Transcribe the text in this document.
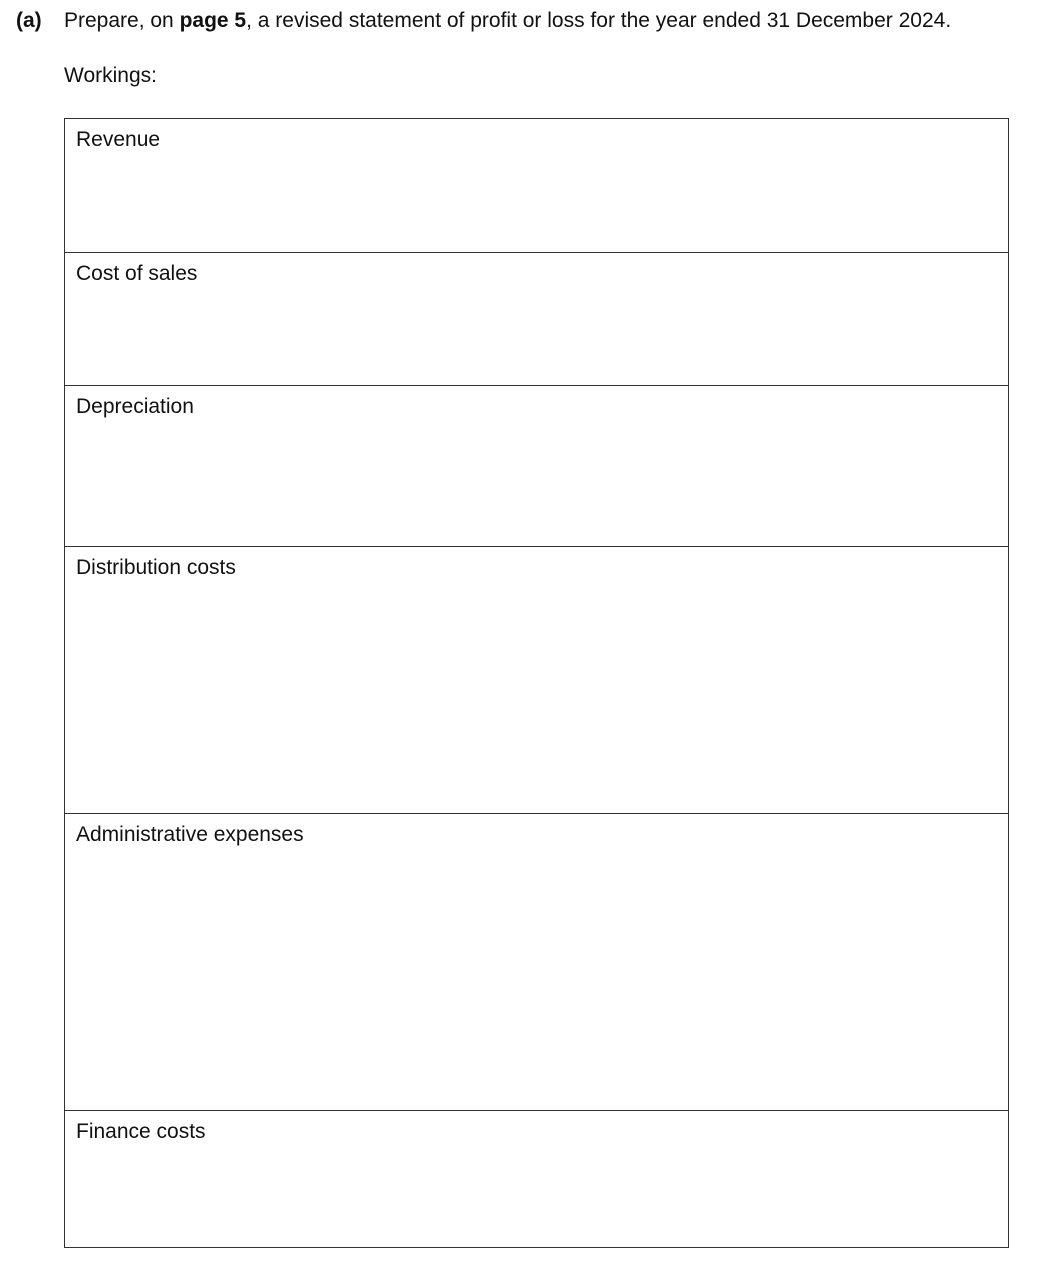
(a) Prepare, on page 5, a revised statement of profit or loss for the year ended 31 December 2024.
Workings:
Revenue
Cost of sales
Depreciation
Distribution costs
Administrative expenses
Finance costs
